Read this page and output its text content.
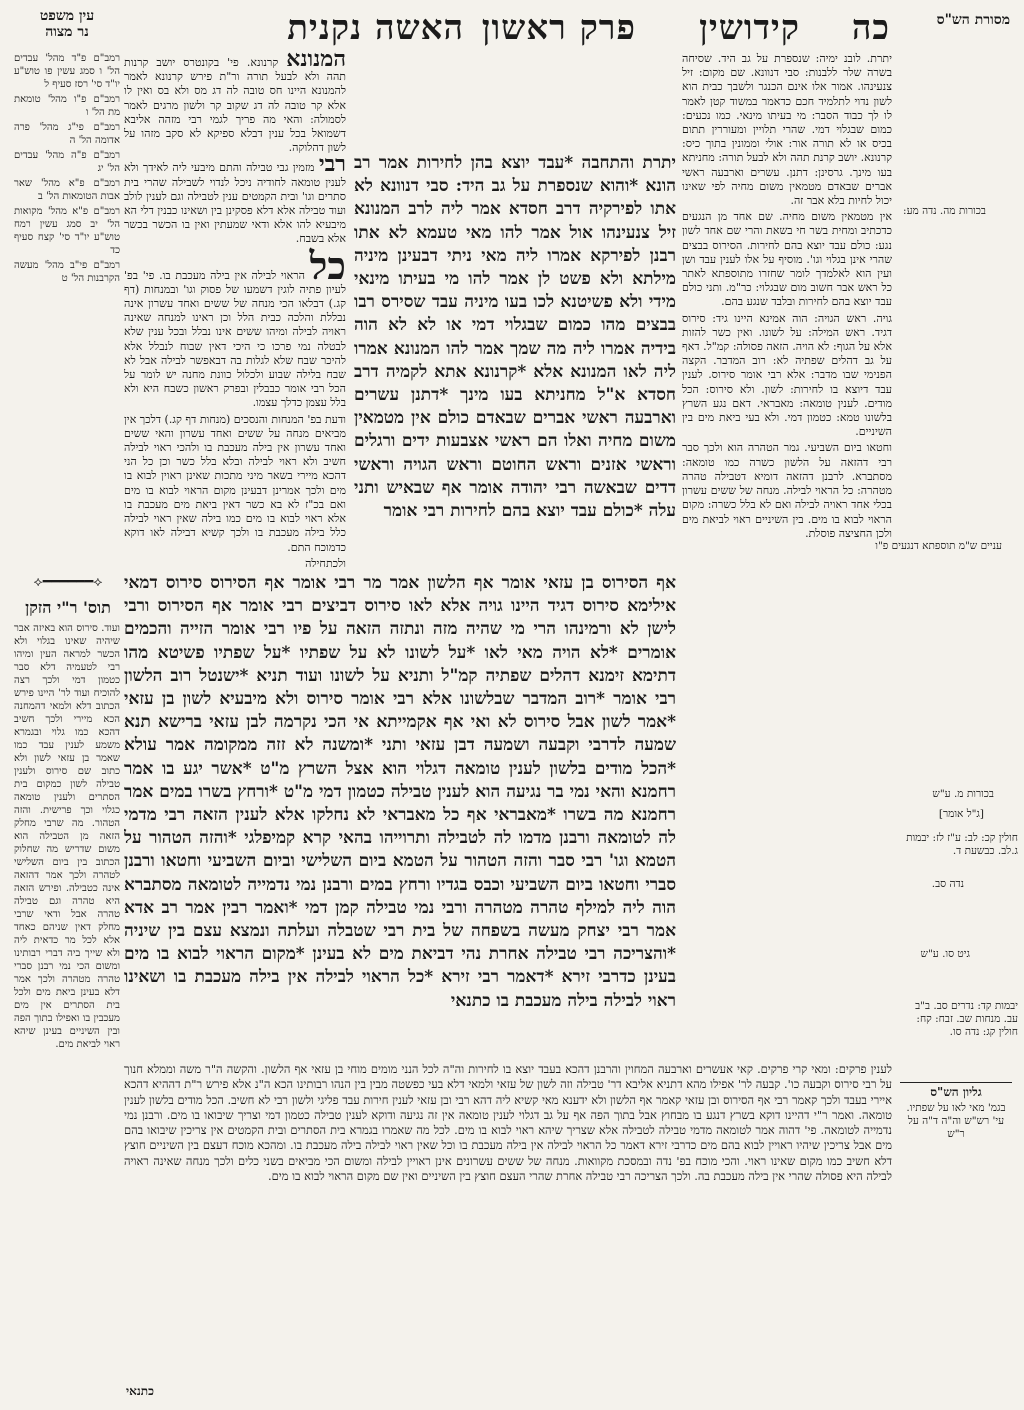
מסורת הש"ס
האשה נקנית פרק ראשון קידושין כה
עין משפט
נר מצוה
בכורות מה. נדה מע:
עניים ש"מ תוספתא דנגעים פ"ו
בכורות מ. ע"ש
[ג"ל אומר]
חולין קכ: לב: ע"ז לז: יבמות ג.לב. כבשעת ד.
נדה סב.
גיט סו. ע"ש
יבמות קד: נדרים סב. ב"ב עב. מנחות שב. זבח: קח: חולין קג: נדה סו.
גליון הש"ס
בגמ' מאי לאו על שפתיו. עי' רש"ש וה"ה ד"ה על ר"ש

יתרת. לובנ ימיה: שנספרת על גב היד. שסיחה בשרה שלר ללבנות: סבי דנוונא. שם מקום: זיל צנעינהו. אמור אלו אינם הכנגר ולשבך כבית הוא לשון נדוי לתלמיד חכם כדאמר במשוד קטן לאמר לו לך כבוד הסבר: מי בעיתו מינאי. כמו נכעים: כמום שבגלוי דמי. שהרי תלויין ומעוררין תתום בכיס או לא תורה אור: אולי וממונין בתוך כיס: קרנונא. יושב קרנת תהה ולא לבעל תורה: מחניתא בעו מינך. גרסינן: דתנן. עשרים וארבעה ראשי אברים שבאדם מטמאין משום מחיה לפי שאינו יכול לחיות בלא אבר זה.

אין מטמאין משום מחיה. שם אחד מן הנגעים כדכתיב ומחית בשר חי בשאת והרי שם אחד לשון נגע: כולם עבד יוצא בהם לחירות. הסירוס בבצים שהרי אינן בגלוי וגו'. מוסיף על אלו לענין עבד ושן ועין הוא לאלמדך לומר שחזרו מתוספתא לאתר כל ראש אבר חשוב מום שבגלוי: כר"מ. ותני כולם עבד יוצא בהם לחירות ובלבד שנגע בהם.

גויה. ראש הגויה: הוה אמינא היינו גיד: סירוס דגיד. ראש המילה: על לשונו. ואין כשר להזות אלא על הגוף: לא הויה. הזאה פסולה: קמ"ל. דאף על גב דהלים שפתיה לא: רוב המדבר. הקצה הפנימי שבו מדבר: אלא רבי אומר סירוס. לענין עבד דיוצא בו לחירות: לשון. ולא סירוס: הכל מודים. לענין טומאה: מאבראי. דאם נגע השרץ בלשונו טמא: כטמון דמי. ולא בעי ביאת מים בין השיניים.

וחטאו ביום השביעי. גמר הטהרה הוא ולכך סבר רבי דהזאה על הלשון כשרה כמו טומאה: מסתברא. לרבנן דהזאה דומיא דטבילה טהרה מטהרה: כל הראוי לבילה. מנחה של ששים עשרון בכלי אחד ראויה לבילה ואם לא בלל כשרה: מקום הראוי לבוא בו מים. בין השיניים ראוי לביאת מים ולכן החציצה פוסלת.

המנונא קרנונא. פי' בקונטרס יושב קרנות תהה ולא לבעל תורה ור"ת פירש קרנונא לאמר להמנונא היינו חס טובה לה דג מס ולא בס ואין לו אלא קר טובה לה דג שקוב קר ולשון מרגים לאמר לסמולה: והאי מה פריך לגמי רבי מזהה אליבא דשמואל בכל ענין דבלא ספיקא לא סקב מזהו על לשון דהלוקה.

רבי מזמין גבי טבילה והתם מיבעי ליה לאידך ולא לענין טומאה לחודיה ניכל לנדוי לשבילה שהרי בית סתרים וגו' ובית הקמטים ענין לטבילה וגם לענין לולב ועוד טבילה אלא דלא פסקינן בין ושאינו כבנין דלי הא מיבעיא להו אלא ודאי שמעתין ואין בו הכשר בכשר אלא בשבח.

כל הראוי לבילה אין בילה מעכבת בו. פי' בפ' לעיון פתיה לוגין דשמעו של פסוק וגו' ובמנחות (דף קג.) דבלאו הכי מנחה של ששים ואחד עשרון אינה נבללת והלכה כבית הלל וכן ראינו למנחה שאינה ראויה לבילה ומיהו ששים אינו נבלל ובכל ענין שלא לבטלה נמי פרכו כי היכי דאין שבוח לנבלל אלא להיכר שבח שלא לגלות בה דבאפשר לבילה אבל לא שבח בלילה שבוע ולכלול כוונת מחנה יש לומר על הכל רבי אומר כבבלין ובפרק ראשון כשבח היא ולא בלל עצמן כדלך עצמו.

ודעת בפ' המנחות והנסכים (מנחות דף קג.) דלכך אין מביאים מנחה על ששים ואחד עשרון והאי ששים ואחד עשרון אין בילה מעכבת בו ולהכי ראוי לבילה חשיב ולא ראוי לבילה ובלא בלל כשר וכן כל הני דהכא מיירי בשאר מיני מתכות שאינן ראוין לבוא בו מים ולכך אמרינן דבעינן מקום הראוי לבוא בו מים ואם בכ"ז לא בא כשר דאין ביאת מים מעכבת בו אלא ראוי לבוא בו מים כמו בילה שאין ראוי לבילה כלל בילה מעכבת בו ולכך קשיא דבילה לאו דוקא כדמוכח התם.

ולכתחילה

יתרת והתחבה *עבד יוצא בהן לחירות אמר רב הונא *והוא שנספרת על גב היד: סבי דנוונא לא אתו לפירקיה דרב חסדא אמר ליה לרב המנונא זיל צנעינהו אול אמר להו מאי טעמא לא אתו רבנן לפירקא אמרו ליה מאי ניתי דבעינן מיניה מילתא ולא פשט לן אמר להו מי בעיתו מינאי מידי ולא פשיטנא לכו בעו מיניה עבד שסירס רבו בבצים מהו כמום שבגלוי דמי או לא לא הוה בידיה אמרו ליה מה שמך אמר להו המנונא אמרו ליה לאו המנונא אלא *קרנונא אתא לקמיה דרב חסדא א"ל מחניתא בעו מינך *דתנן עשרים וארבעה ראשי אברים שבאדם כולם אין מטמאין משום מחיה ואלו הם ראשי אצבעות ידים ורגלים וראשי אזנים וראש החוטם וראש הגויה וראשי דדים שבאשה רבי יהודה אומר אף שבאיש ותני עלה *כולם עבד יוצא בהם לחירות רבי אומר
אף הסירוס בן עזאי אומר אף הלשון אמר מר רבי אומר אף הסירוס סירוס דמאי אילימא סירוס דגיד היינו גויה אלא לאו סירוס דביצים רבי אומר אף הסירוס ורבי לישן לא ורמינהו הרי מי שהיה מזה ונתזה הזאה על פיו רבי אומר הזייה והכמים אומרים *לא הויה מאי לאו *על לשונו לא על שפתיו *על שפתיו פשיטא מהו דתימא זימנא דהלים שפתיה קמ"ל ותניא על לשונו ועוד תניא *ישנטל רוב הלשון רבי אומר *רוב המדבר שבלשונו אלא רבי אומר סירוס ולא מיבעיא לשון בן עזאי *אמר לשון אבל סירוס לא ואי אף אקמייתא אי הכי נקרמה לבן עזאי ברישא תנא שמעה לדרבי וקבעה ושמעה דבן עזאי ותני *ומשנה לא זזה ממקומה אמר עולא *הכל מודים בלשון לענין טומאה דגלוי הוא אצל השרץ מ"ט *אשר יגע בו אמר רחמנא והאי נמי בר נגיעה הוא לענין טבילה כטמון דמי מ"ט *ורחץ בשרו במים אמר רחמנא מה בשרו *מאבראי אף כל מאבראי לא נחלקו אלא לענין הזאה רבי מדמי לה לטומאה ורבנן מדמו לה לטבילה ותרוייהו בהאי קרא קמיפלגי *והזה הטהור על הטמא וגו' רבי סבר והזה הטהור על הטמא ביום השלישי וביום השביעי וחטאו ורבנן סברי וחטאו ביום השביעי וכבס בגדיו ורחץ במים ורבנן נמי נדמייה לטומאה מסתברא הוה ליה למילף טהרה מטהרה ורבי נמי טבילה קמן דמי *ואמר רבין אמר רב אדא אמר רבי יצחק מעשה בשפחה של בית רבי שטבלה ועלתה ונמצא עצם בין שיניה *והצריכה רבי טבילה אחרת נהי דביאת מים לא בעינן *מקום הראוי לבוא בו מים בעינן כדרבי זירא *דאמר רבי זירא *כל הראוי לבילה אין בילה מעכבת בו ושאינו ראוי לבילה בילה מעכבת בו כתנאי
לענין פרקים: ומאי קרי פרקים. קאי אעשרים וארבעה המחוין והרבנן דהכא בעבד יוצא בו לחירות וה"ה לכל הנני מומים מוחי בן עזאי אף הלשון. והקשה ה"ר משה וממלא חנוך על רבי סירוס וקבעה כו'. קבעה לר' אפילו מהא דתניא אליבא דר' טבילה וזה לשון של עזאי ולמאי דלא בעי כפשטה מבין בין הנהו רבותינו הכא ה"נ אלא פירש ר"ת דההיא דהכא איירי בעבד ולכך קאמר רבי אף הסירוס ובן עזאי קאמר אף הלשון ולא ידענא מאי קשיא ליה דהא רבי ובן עזאי לענין חירות עבד פליגי ולשון רבי לא חשיב. הכל מודים בלשון לענין טומאה. ואמר ר"י דהיינו דוקא בשרץ דנגע בו מבחוץ אבל בתוך הפה אף על גב דגלוי לענין טומאה אין זה נגיעה ודוקא לענין טבילה כטמון דמי וצריך שיבואו בו מים. ורבנן נמי נדמייה לטומאה. פי' דהוה אמר לטומאה מדמי טבילה לטבילה אלא שצריך שיהא ראוי לבוא בו מים. לכל מה שאמרו בגמרא בית הסתרים ובית הקמטים אין צריכין שיבואו בהם מים אבל צריכין שיהיו ראויין לבוא בהם מים כדרבי זירא דאמר כל הראוי לבילה אין בילה מעכבת בו וכל שאין ראוי לבילה בילה מעכבת בו. ומהכא מוכח דעצם בין השיניים חוצץ דלא חשיב כמו מקום שאינו ראוי. והכי מוכח בפ' נדה ובמסכת מקוואות. מנחה של ששים עשרונים אינן ראויין לבילה ומשום הכי מביאים בשני כלים ולכך מנחה שאינה ראויה לבילה היא פסולה שהרי אין בילה מעכבת בה. ולכך הצריכה רבי טבילה אחרת שהרי העצם חוצץ בין השיניים ואין שם מקום הראוי לבוא בו מים.
כתנאי

רמב"ם פ"ד מהל' עבדים הל' ו סמג עשין פו טוש"ע יו"ד סי' רסז סעיף ל

רמב"ם פ"ו מהל' טומאת מת הל' ו

רמב"ם פי"ג מהל' פרה אדומה הל' ה

רמב"ם פ"ה מהל' עבדים הל' יג

רמב"ם פ"א מהל' שאר אבות הטומאות הל' ב

רמב"ם פ"א מהל' מקואות הל' יב סמג עשין רמח טוש"ע יו"ד סי' קצח סעיף כד

רמב"ם פי"ב מהל' מעשה הקרבנות הל' ט

⟡━━━━━━⟡
תוס' ר"י הזקן
ועוד. סירוס הוא באיזה אבר שיהיה שאינו בגלוי ולא הכשר למראה העין ומיהו רבי לטעמיה דלא סבר כטמון דמי ולכך רצה להוכיח ועוד לר' היינו פירש הכתוב דלא ולמאי דהמחנה הכא מיירי ולכך חשיב דהכא כמו גלוי ובגמרא משמע לענין עבד כמו שאמר בן עזאי לשון ולא כתוב שם סירוס ולענין טבילה לשון כמקום בית הסתרים ולענין טומאה כגלוי וכך פרישית. והזה הטהור. מה שרבי מחלק הזאה מן הטבילה הוא משום שדריש מה שחלוק הכתוב בין ביום השלישי לטהרה ולכך אמר דהזאה אינה כטבילה. ופירש הזאה היא טהרה וגם טבילה טהרה אבל ודאי שרבי מחלק דאין שניהם כאחד אלא לכל מר כדאית ליה ולא שייך ביה דברי רבותינו ומשום הכי נמי רבנן סברי טהרה מטהרה ולכך אמר דלא בעינן ביאת מים ולכל בית הסתרים אין מים מעכבין בו ואפילו בתוך הפה ובין השיניים בעינן שיהא ראוי לביאת מים.
